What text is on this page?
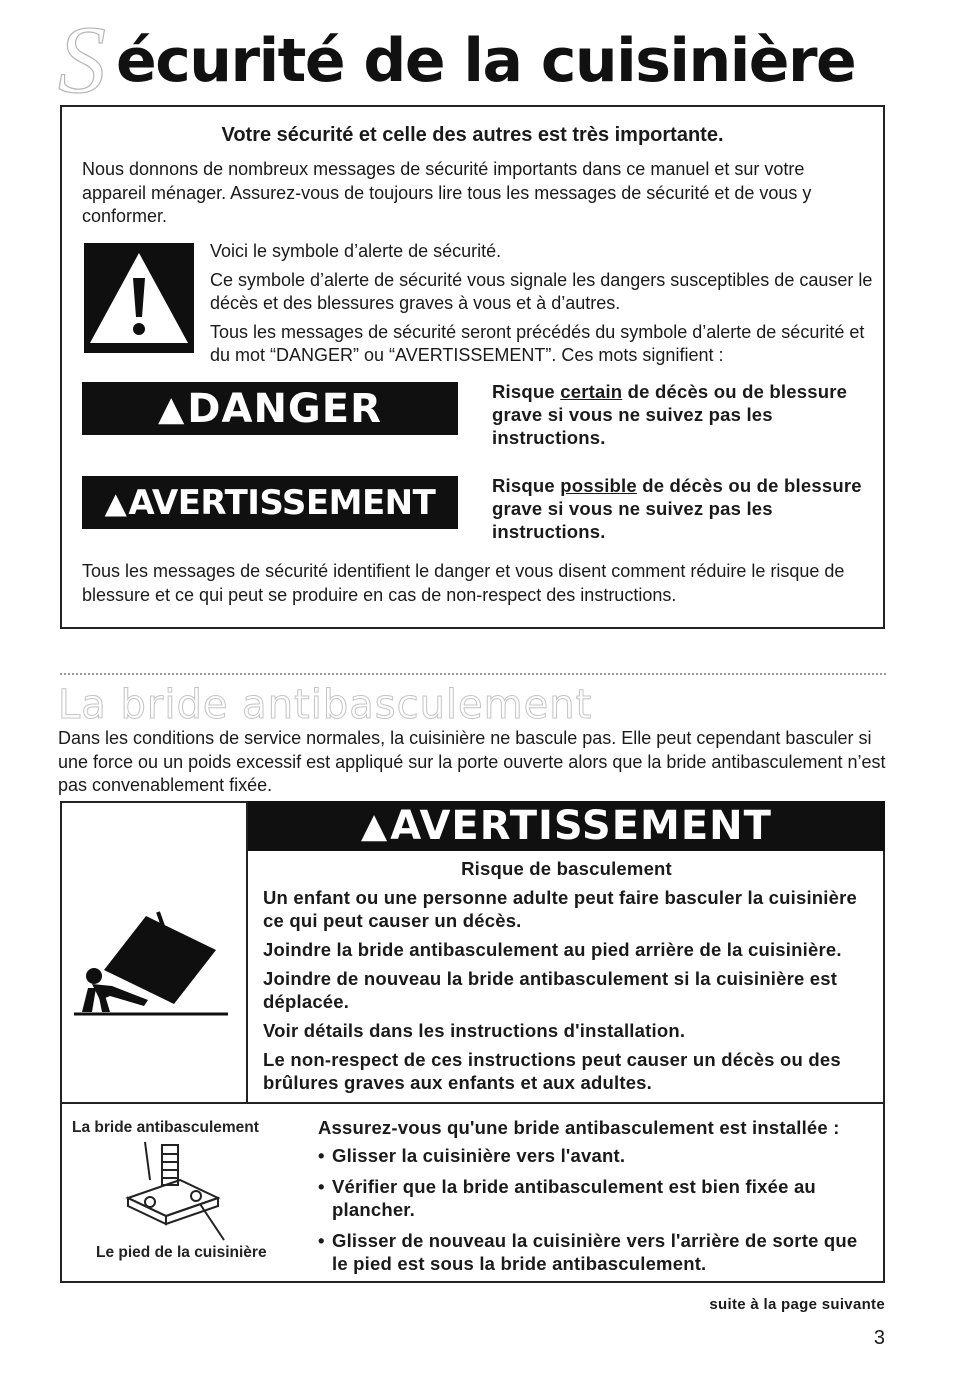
S écurité de la cuisinière
Votre sécurité et celle des autres est très importante.
Nous donnons de nombreux messages de sécurité importants dans ce manuel et sur votre appareil ménager. Assurez-vous de toujours lire tous les messages de sécurité et de vous y conformer.

Voici le symbole d’alerte de sécurité.

Ce symbole d’alerte de sécurité vous signale les dangers susceptibles de causer le décès et des blessures graves à vous et à d’autres.

Tous les messages de sécurité seront précédés du symbole d’alerte de sécurité et du mot “DANGER” ou “AVERTISSEMENT”. Ces mots signifient :

▲ DANGER	Risque certain de décès ou de blessure grave si vous ne suivez pas les instructions.
▲ AVERTISSEMENT	Risque possible de décès ou de blessure grave si vous ne suivez pas les instructions.
Tous les messages de sécurité identifient le danger et vous disent comment réduire le risque de blessure et ce qui peut se produire en cas de non-respect des instructions.
La bride antibasculement
Dans les conditions de service normales, la cuisinière ne bascule pas. Elle peut cependant basculer si une force ou un poids excessif est appliqué sur la porte ouverte alors que la bride antibasculement n’est pas convenablement fixée.
▲ AVERTISSEMENT
Risque de basculement

Un enfant ou une personne adulte peut faire basculer la cuisinière ce qui peut causer un décès.

Joindre la bride antibasculement au pied arrière de la cuisinière.

Joindre de nouveau la bride antibasculement si la cuisinière est déplacée.

Voir détails dans les instructions d'installation.

Le non-respect de ces instructions peut causer un décès ou des brûlures graves aux enfants et aux adultes.

La bride antibasculement
Le pied de la cuisinière
Assurez-vous qu'une bride antibasculement est installée :
• Glisser la cuisinière vers l'avant.
• Vérifier que la bride antibasculement est bien fixée au plancher.
• Glisser de nouveau la cuisinière vers l'arrière de sorte que le pied est sous la bride antibasculement.
suite à la page suivante
3
